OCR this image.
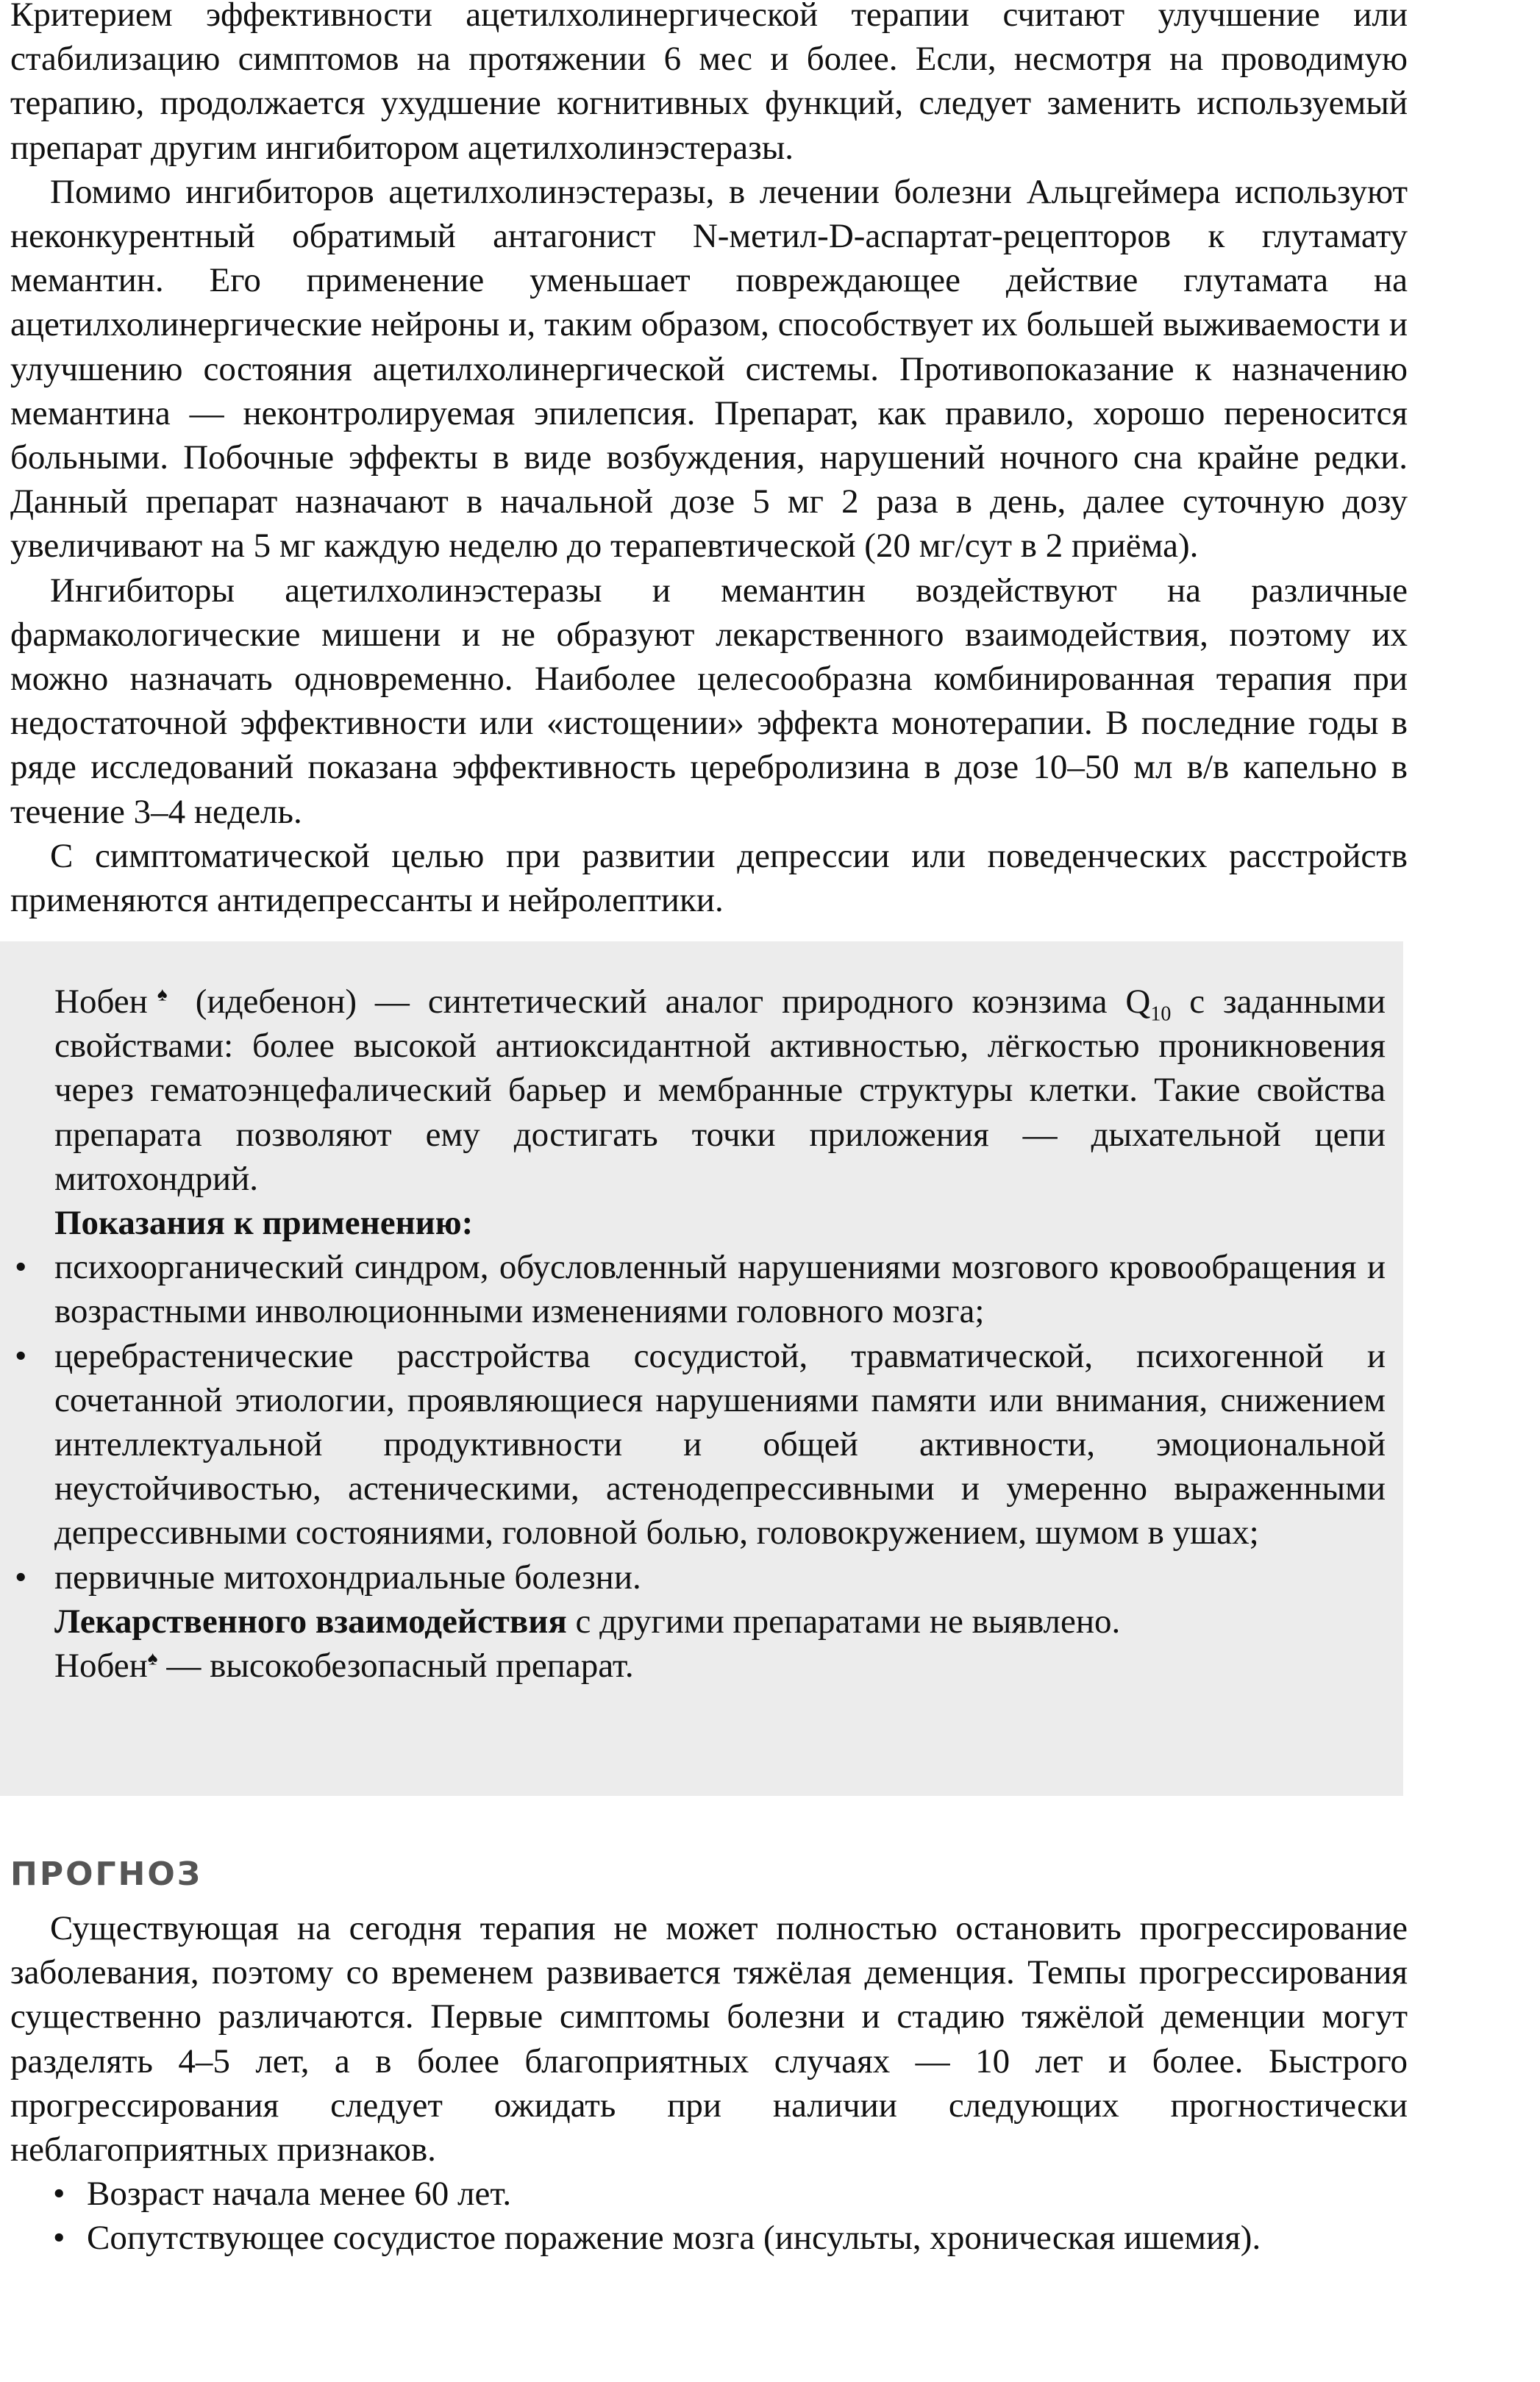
Критерием эффективности ацетилхолинергической терапии считают улучшение или стабилизацию симптомов на протяжении 6 мес и более. Если, несмотря на проводимую терапию, продолжается ухудшение когнитивных функций, следует заменить используемый препарат другим ингибитором ацетилхолинэстеразы.

Помимо ингибиторов ацетилхолинэстеразы, в лечении болезни Альцгеймера используют неконкурентный обратимый антагонист N-метил-D-аспартат-рецепторов к глутамату мемантин. Его применение уменьшает повреждающее действие глутамата на ацетилхолинергические нейроны и, таким образом, способствует их большей выживаемости и улучшению состояния ацетилхолинергической системы. Противопоказание к назначению мемантина — неконтролируемая эпилепсия. Препарат, как правило, хорошо переносится больными. Побочные эффекты в виде возбуждения, нарушений ночного сна крайне редки. Данный препарат назначают в начальной дозе 5 мг 2 раза в день, далее суточную дозу увеличивают на 5 мг каждую неделю до терапевтической (20 мг/сут в 2 приёма).

Ингибиторы ацетилхолинэстеразы и мемантин воздействуют на различные фармакологические мишени и не образуют лекарственного взаимодействия, поэтому их можно назначать одновременно. Наиболее целесообразна комбинированная терапия при недостаточной эффективности или «истощении» эффекта монотерапии. В последние годы в ряде исследований показана эффективность церебролизина в дозе 10–50 мл в/в капельно в течение 3–4 недель.

С симптоматической целью при развитии депрессии или поведенческих расстройств применяются антидепрессанты и нейролептики.

Нобен♠ (идебенон) — синтетический аналог природного коэнзима $Q_{10}$ с заданными свойствами: более высокой антиоксидантной активностью, лёгкостью проникновения через гематоэнцефалический барьер и мембранные структуры клетки. Такие свойства препарата позволяют ему достигать точки приложения — дыхательной цепи митохондрий.

Показания к применению:

• психоорганический синдром, обусловленный нарушениями мозгового кровообращения и возрастными инволюционными изменениями головного мозга;
• церебрастенические расстройства сосудистой, травматической, психогенной и сочетанной этиологии, проявляющиеся нарушениями памяти или внимания, снижением интеллектуальной продуктивности и общей активности, эмоциональной неустойчивостью, астеническими, астенодепрессивными и умеренно выраженными депрессивными состояниями, головной болью, головокружением, шумом в ушах;
• первичные митохондриальные болезни.

Лекарственного взаимодействия с другими препаратами не выявлено.

Нобен♠ — высокобезопасный препарат.

ПРОГНОЗ

Существующая на сегодня терапия не может полностью остановить прогрессирование заболевания, поэтому со временем развивается тяжёлая деменция. Темпы прогрессирования существенно различаются. Первые симптомы болезни и стадию тяжёлой деменции могут разделять 4–5 лет, а в более благоприятных случаях — 10 лет и более. Быстрого прогрессирования следует ожидать при наличии следующих прогностически неблагоприятных признаков.

• Возраст начала менее 60 лет.
• Сопутствующее сосудистое поражение мозга (инсульты, хроническая ишемия).
